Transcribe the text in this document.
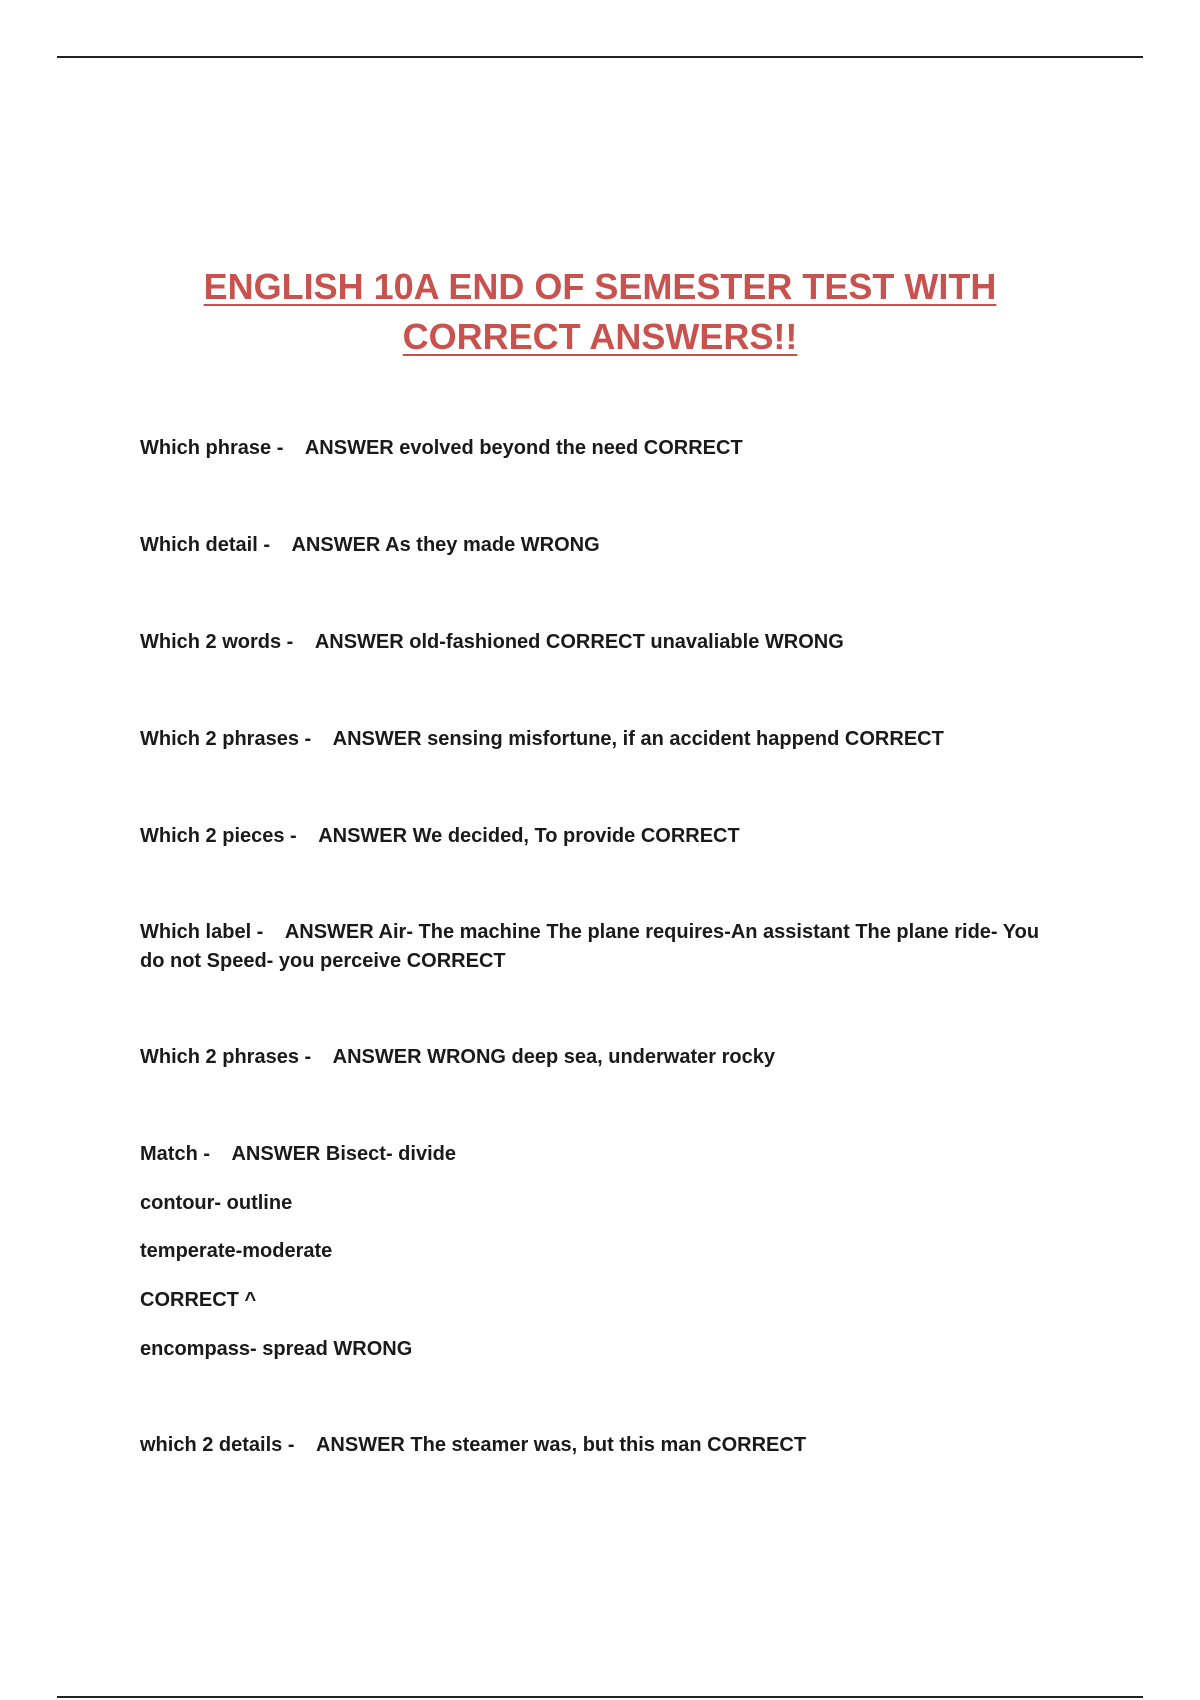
ENGLISH 10A END OF SEMESTER TEST WITH
CORRECT ANSWERS!!
Which phrase - ANSWER evolved beyond the need CORRECT
Which detail - ANSWER As they made WRONG
Which 2 words - ANSWER old-fashioned CORRECT unavaliable WRONG
Which 2 phrases - ANSWER sensing misfortune, if an accident happend CORRECT
Which 2 pieces - ANSWER We decided, To provide CORRECT
Which label - ANSWER Air- The machine The plane requires-An assistant The plane ride- You do not Speed- you perceive CORRECT
Which 2 phrases - ANSWER WRONG deep sea, underwater rocky
Match - ANSWER Bisect- divide
contour- outline
temperate-moderate
CORRECT ^
encompass- spread WRONG
which 2 details - ANSWER The steamer was, but this man CORRECT
